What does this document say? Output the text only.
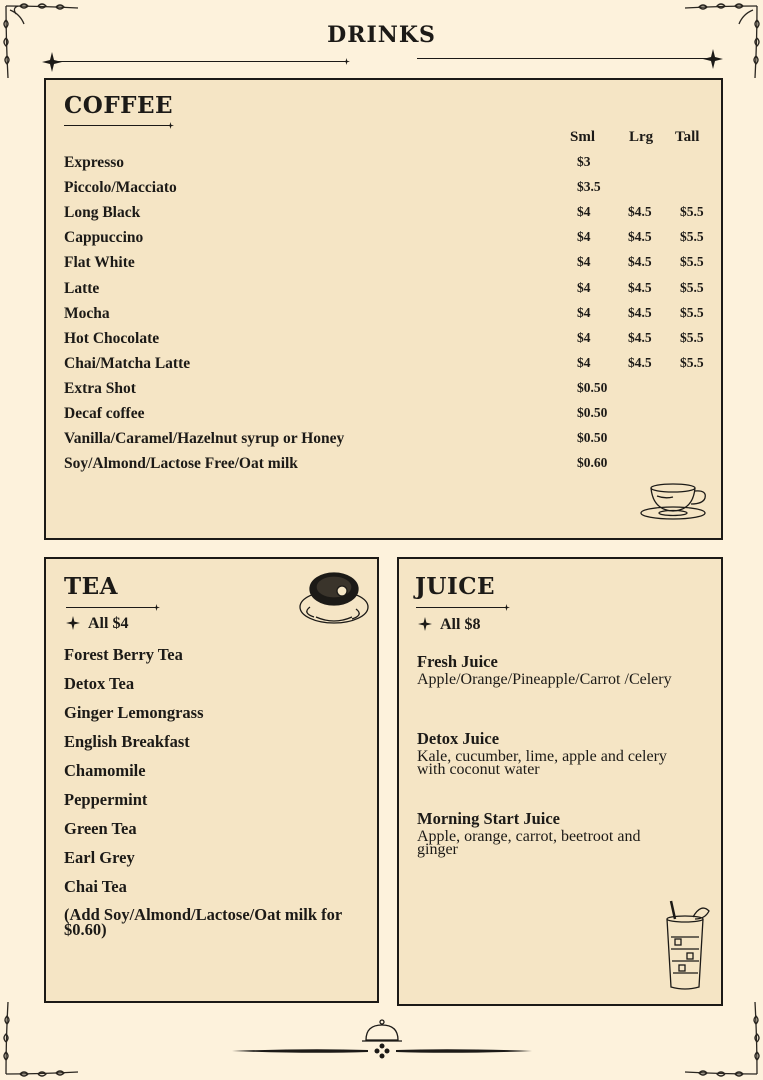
DRINKS
COFFEE
Sml Lrg Tall
Expresso	$3
Piccolo/Macciato	$3.5
Long Black	$4	$4.5 $5.5
Cappuccino	$4	$4.5 $5.5
Flat White	$4	$4.5 $5.5
Latte	$4	$4.5 $5.5
Mocha	$4	$4.5 $5.5
Hot Chocolate	$4	$4.5 $5.5
Chai/Matcha Latte	$4	$4.5 $5.5
Extra Shot	$0.50
Decaf coffee	$0.50
Vanilla/Caramel/Hazelnut syrup or Honey	$0.50
Soy/Almond/Lactose Free/Oat milk	$0.60
TEA
All $4
Forest Berry Tea
Detox Tea
Ginger Lemongrass
English Breakfast
Chamomile
Peppermint
Green Tea
Earl Grey
Chai Tea
(Add Soy/Almond/Lactose/Oat milk for $0.60)
JUICE
All $8
Fresh Juice
Apple/Orange/Pineapple/Carrot /Celery
Detox Juice
Kale, cucumber, lime, apple and celery with coconut water
Morning Start Juice
Apple, orange, carrot, beetroot and ginger
